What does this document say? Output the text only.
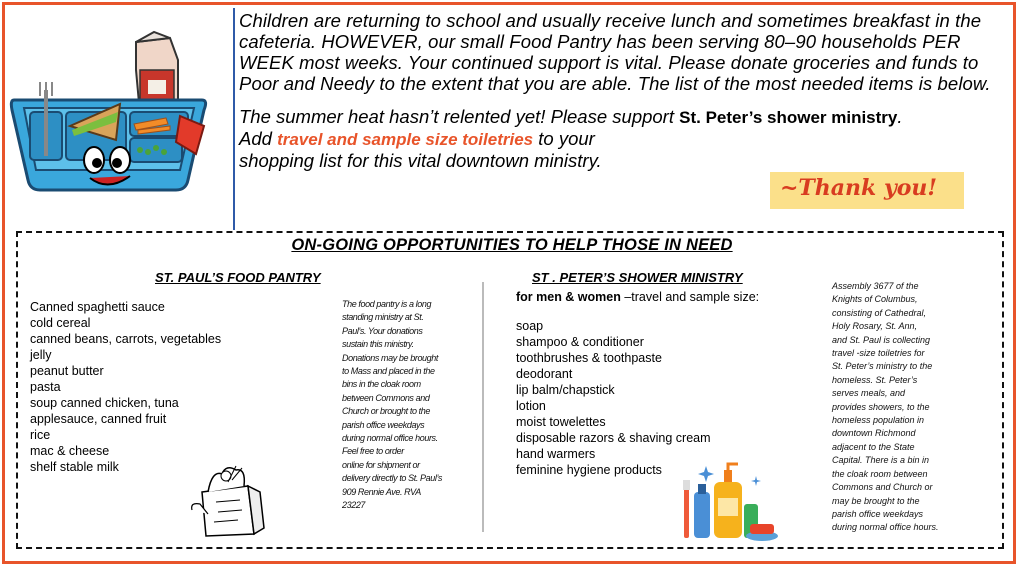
Children are returning to school and usually receive lunch and sometimes breakfast in the cafeteria. HOWEVER, our small Food Pantry has been serving 80–90 households PER WEEK most weeks. Your continued support is vital. Please donate groceries and funds to Poor and Needy to the extent that you are able. The list of the most needed items is below.

The summer heat hasn’t relented yet! Please support St. Peter’s shower ministry.
Add travel and sample size toiletries to your
shopping list for this vital downtown ministry.

~Thank you!
ON-GOING OPPORTUNITIES TO HELP THOSE IN NEED
ST. PAUL’S FOOD PANTRY
Canned spaghetti sauce
cold cereal
canned beans, carrots, vegetables
jelly
peanut butter
pasta
soup canned chicken, tuna
applesauce, canned fruit
rice
mac & cheese
shelf stable milk
The food pantry is a long
standing ministry at St.
Paul’s. Your donations
sustain this ministry.
Donations may be brought
to Mass and placed in the
bins in the cloak room
between Commons and
Church or brought to the
parish office weekdays
during normal office hours.
Feel free to order
online for shipment or
delivery directly to St. Paul’s
909 Rennie Ave. RVA
23227
ST . PETER’S SHOWER MINISTRY
for men & women –travel and sample size:
soap
shampoo & conditioner
toothbrushes & toothpaste
deodorant
lip balm/chapstick
lotion
moist towelettes
disposable razors & shaving cream
hand warmers
feminine hygiene products
Assembly 3677 of the
Knights of Columbus,
consisting of Cathedral,
Holy Rosary, St. Ann,
and St. Paul is collecting
travel -size toiletries for
St. Peter’s ministry to the
homeless. St. Peter’s
serves meals, and
provides showers, to the
homeless population in
downtown Richmond
adjacent to the State
Capital. There is a bin in
the cloak room between
Commons and Church or
may be brought to the
parish office weekdays
during normal office hours.
